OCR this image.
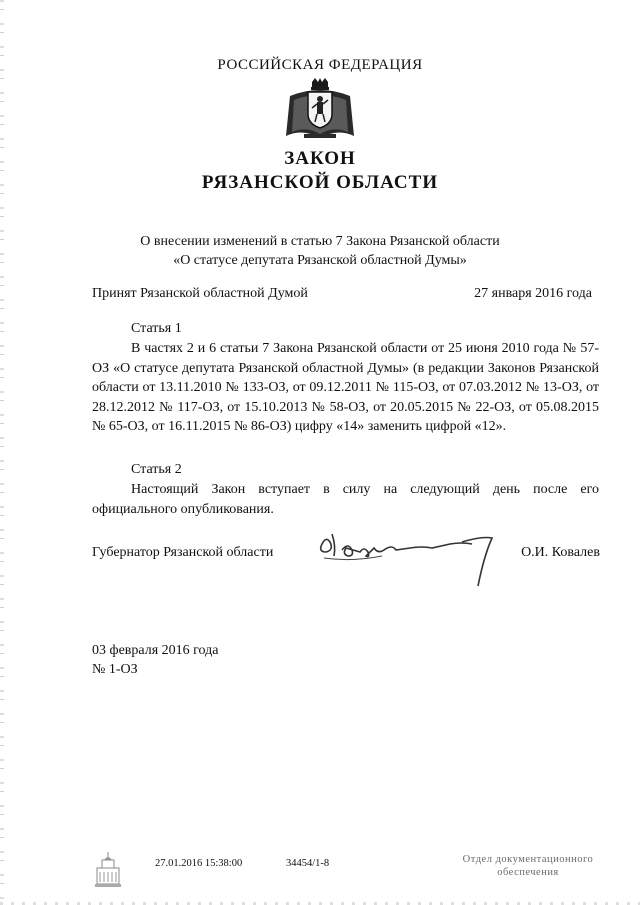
РОССИЙСКАЯ ФЕДЕРАЦИЯ
ЗАКОН
РЯЗАНСКОЙ ОБЛАСТИ
О внесении изменений в статью 7 Закона Рязанской области
«О статусе депутата Рязанской областной Думы»
Принят Рязанской областной Думой	27 января 2016 года
Статья 1
В частях 2 и 6 статьи 7 Закона Рязанской области от 25 июня 2010 года № 57-ОЗ «О статусе депутата Рязанской областной Думы» (в редакции Законов Рязанской области от 13.11.2010 № 133-ОЗ, от 09.12.2011 № 115-ОЗ, от 07.03.2012 № 13-ОЗ, от 28.12.2012 № 117-ОЗ, от 15.10.2013 № 58-ОЗ, от 20.05.2015 № 22-ОЗ, от 05.08.2015 № 65-ОЗ, от 16.11.2015 № 86-ОЗ) цифру «14» заменить цифрой «12».
Статья 2
Настоящий Закон вступает в силу на следующий день после его официального опубликования.
Губернатор Рязанской области	О.И. Ковалев
03 февраля 2016 года
№ 1-ОЗ
27.01.2016 15:38:00	34454/1-8	Отдел документационного
обеспечения
